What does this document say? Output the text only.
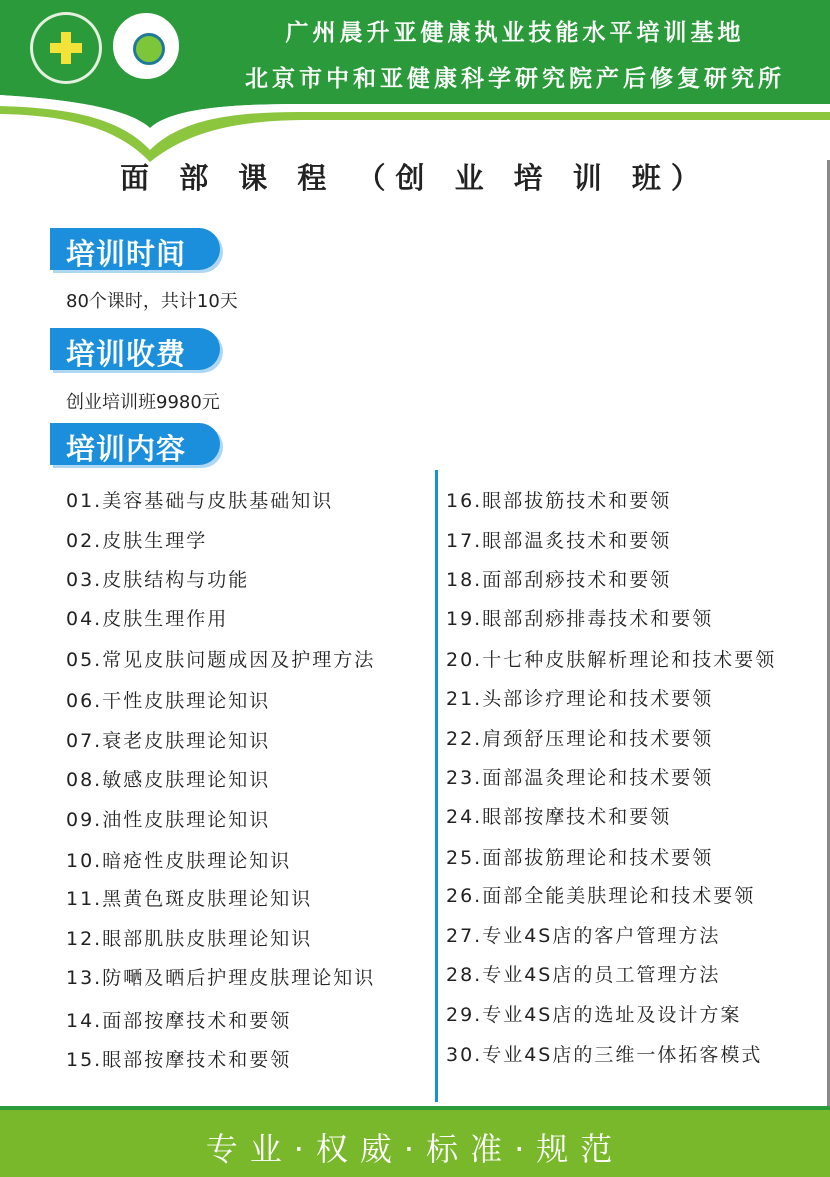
广州晨升亚健康执业技能水平培训基地
北京市中和亚健康科学研究院产后修复研究所
面 部 课 程 （创 业 培 训 班）
培训时间
80个课时，共计10天
培训收费
创业培训班9980元
培训内容
01.美容基础与皮肤基础知识
02.皮肤生理学
03.皮肤结构与功能
04.皮肤生理作用
05.常见皮肤问题成因及护理方法
06.干性皮肤理论知识
07.衰老皮肤理论知识
08.敏感皮肤理论知识
09.油性皮肤理论知识
10.暗疮性皮肤理论知识
11.黑黄色斑皮肤理论知识
12.眼部肌肤皮肤理论知识
13.防嗮及晒后护理皮肤理论知识
14.面部按摩技术和要领
15.眼部按摩技术和要领
16.眼部拔筋技术和要领
17.眼部温炙技术和要领
18.面部刮痧技术和要领
19.眼部刮痧排毒技术和要领
20.十七种皮肤解析理论和技术要领
21.头部诊疗理论和技术要领
22.肩颈舒压理论和技术要领
23.面部温灸理论和技术要领
24.眼部按摩技术和要领
25.面部拔筋理论和技术要领
26.面部全能美肤理论和技术要领
27.专业4S店的客户管理方法
28.专业4S店的员工管理方法
29.专业4S店的选址及设计方案
30.专业4S店的三维一体拓客模式
专业·权威·标准·规范
